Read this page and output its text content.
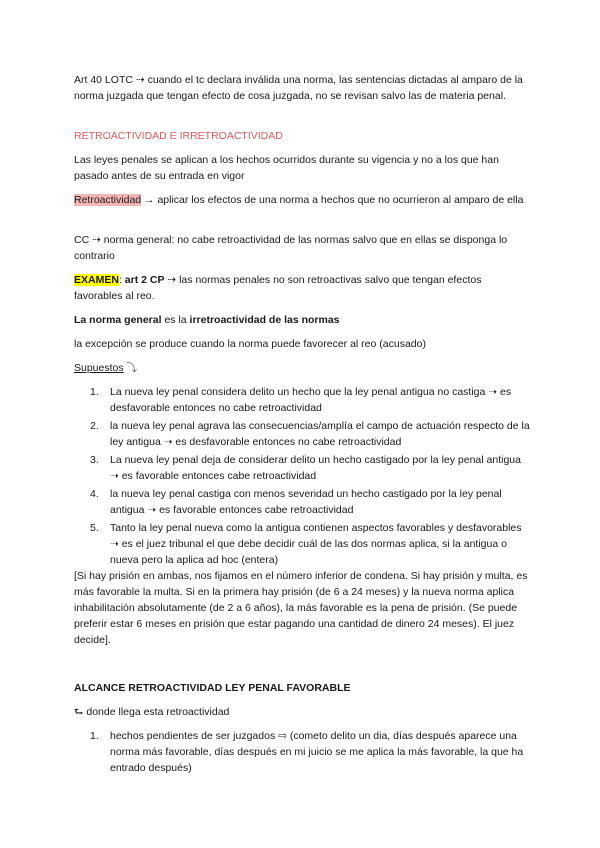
Art 40 LOTC ⇢ cuando el tc declara inválida una norma, las sentencias dictadas al amparo de la norma juzgada que tengan efecto de cosa juzgada, no se revisan salvo las de materia penal.

RETROACTIVIDAD E IRRETROACTIVIDAD

Las leyes penales se aplican a los hechos ocurridos durante su vigencia y no a los que han pasado antes de su entrada en vigor

Retroactividad → aplicar los efectos de una norma a hechos que no ocurrieron al amparo de ella

CC ⇢ norma general: no cabe retroactividad de las normas salvo que en ellas se disponga lo contrario

EXAMEN: art 2 CP ⇢ las normas penales no son retroactivas salvo que tengan efectos favorables al reo.

La norma general es la irretroactividad de las normas

la excepción se produce cuando la norma puede favorecer al reo (acusado)

Supuestos ⤵

1. La nueva ley penal considera delito un hecho que la ley penal antigua no castiga ➝ es desfavorable entonces no cabe retroactividad
2. la nueva ley penal agrava las consecuencias/amplía el campo de actuación respecto de la ley antigua ➝ es desfavorable entonces no cabe retroactividad
3. La nueva ley penal deja de considerar delito un hecho castigado por la ley penal antigua ➝ es favorable entonces cabe retroactividad
4. la nueva ley penal castiga con menos severidad un hecho castigado por la ley penal antigua ➝ es favorable entonces cabe retroactividad
5. Tanto la ley penal nueva como la antigua contienen aspectos favorables y desfavorables ➝ es el juez tribunal el que debe decidir cuál de las dos normas aplica, si la antigua o nueva pero la aplica ad hoc (entera)

[Si hay prisión en ambas, nos fijamos en el número inferior de condena. Si hay prisión y multa, es más favorable la multa. Si en la primera hay prisión (de 6 a 24 meses) y la nueva norma aplica inhabilitación absolutamente (de 2 a 6 años), la más favorable es la pena de prisión. (Se puede preferir estar 6 meses en prisión que estar pagando una cantidad de dinero 24 meses). El juez decide].

ALCANCE RETROACTIVIDAD LEY PENAL FAVORABLE

⮑ donde llega esta retroactividad

1. hechos pendientes de ser juzgados ⇨ (cometo delito un dia, días después aparece una norma más favorable, días después en mi juicio se me aplica la más favorable, la que ha entrado después)
